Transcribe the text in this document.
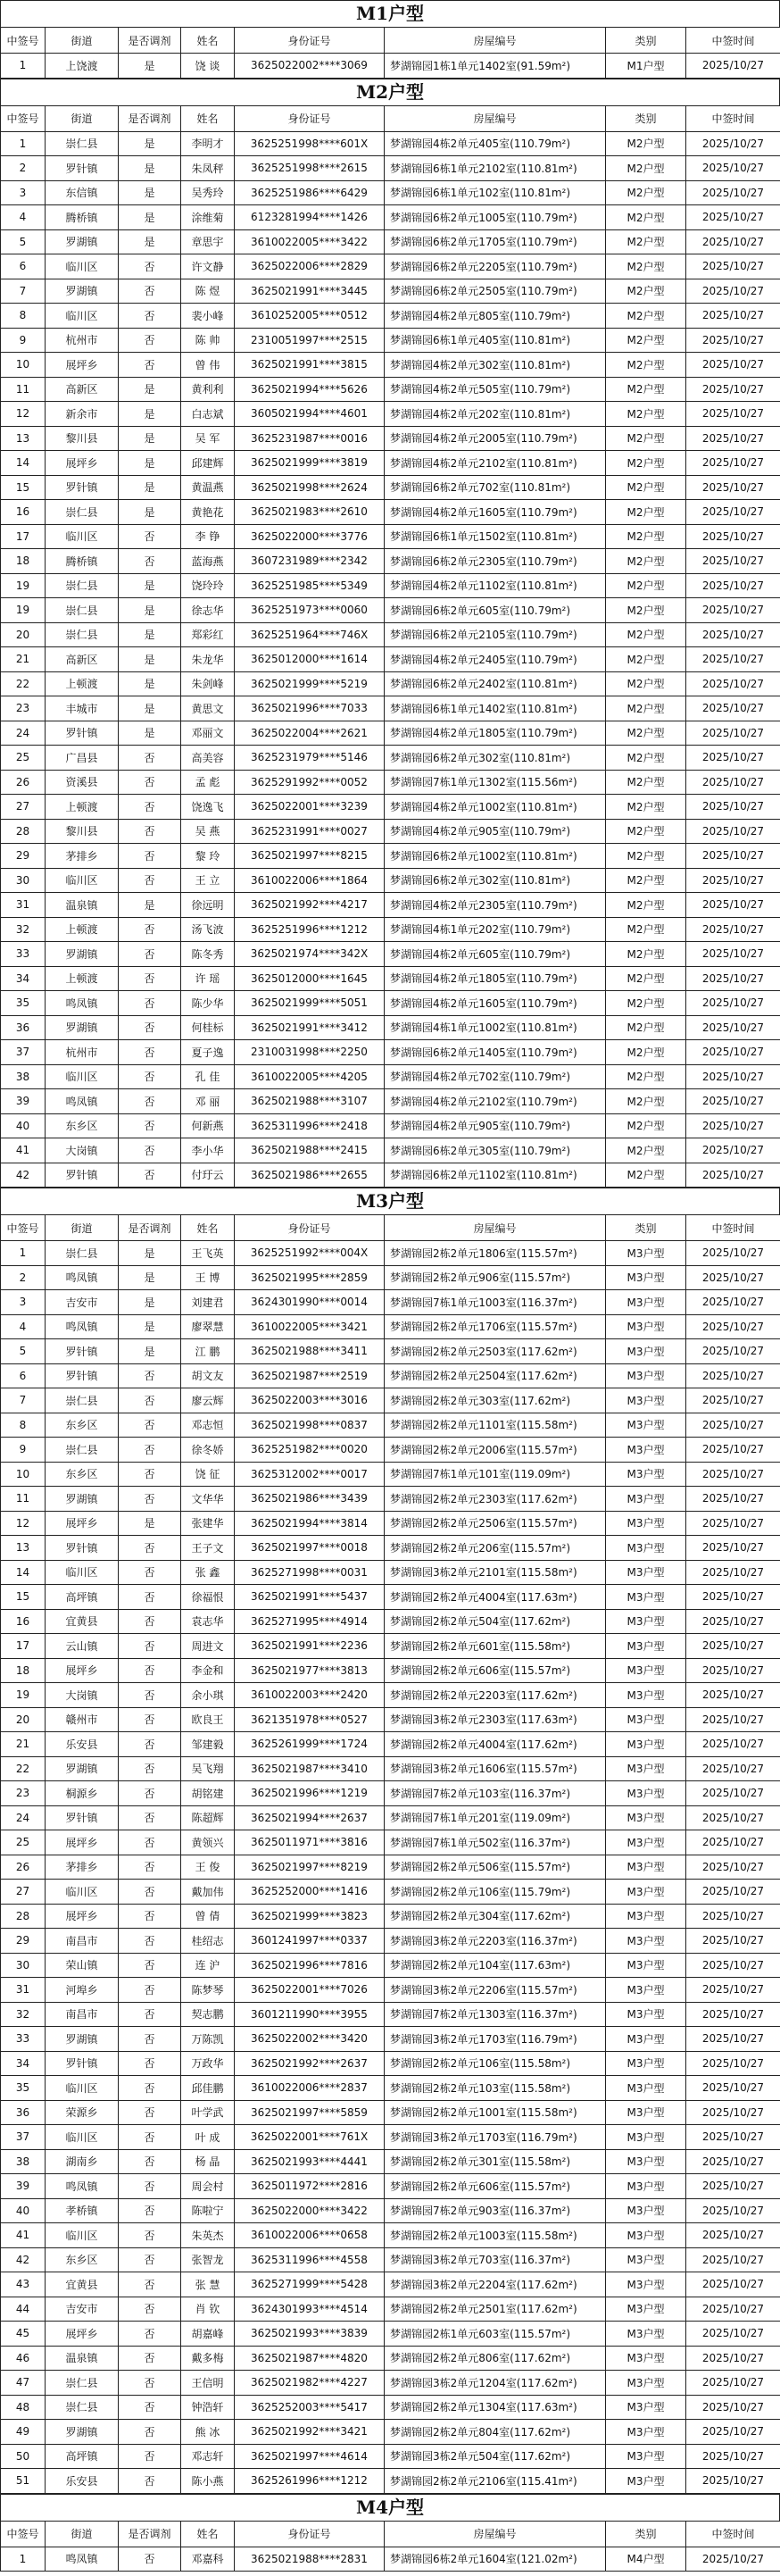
M1户型
中签号	街道	是否调剂	姓名	身份证号	房屋编号	类别	中签时间
1	上饶渡	是	饶 谈	3625022002****3069	梦湖锦园1栋1单元1402室(91.59m²)	M1户型	2025/10/27
M2户型
中签号	街道	是否调剂	姓名	身份证号	房屋编号	类别	中签时间
1	崇仁县	是	李明才	3625251998****601X	梦湖锦园4栋2单元405室(110.79m²)	M2户型	2025/10/27
2	罗针镇	是	朱凤秤	3625251998****2615	梦湖锦园6栋1单元2102室(110.81m²)	M2户型	2025/10/27
3	东信镇	是	吴秀玲	3625251986****6429	梦湖锦园6栋1单元102室(110.81m²)	M2户型	2025/10/27
4	腾桥镇	是	涂维菊	6123281994****1426	梦湖锦园6栋2单元1005室(110.79m²)	M2户型	2025/10/27
5	罗湖镇	是	章思宇	3610022005****3422	梦湖锦园6栋2单元1705室(110.79m²)	M2户型	2025/10/27
6	临川区	否	许文静	3625022006****2829	梦湖锦园6栋2单元2205室(110.79m²)	M2户型	2025/10/27
7	罗湖镇	否	陈 煜	3625021991****3445	梦湖锦园6栋2单元2505室(110.79m²)	M2户型	2025/10/27
8	临川区	否	裴小峰	3610252005****0512	梦湖锦园4栋2单元805室(110.79m²)	M2户型	2025/10/27
9	杭州市	否	陈 帅	2310051997****2515	梦湖锦园6栋1单元405室(110.81m²)	M2户型	2025/10/27
10	展坪乡	否	曾 伟	3625021991****3815	梦湖锦园4栋2单元302室(110.81m²)	M2户型	2025/10/27
11	高新区	是	黄利利	3625021994****5626	梦湖锦园4栋2单元505室(110.79m²)	M2户型	2025/10/27
12	新余市	是	白志斌	3605021994****4601	梦湖锦园4栋2单元202室(110.81m²)	M2户型	2025/10/27
13	黎川县	是	吴 军	3625231987****0016	梦湖锦园4栋2单元2005室(110.79m²)	M2户型	2025/10/27
14	展坪乡	是	邱建辉	3625021999****3819	梦湖锦园4栋2单元2102室(110.81m²)	M2户型	2025/10/27
15	罗针镇	是	黄温燕	3625021998****2624	梦湖锦园6栋2单元702室(110.81m²)	M2户型	2025/10/27
16	崇仁县	是	黄艳花	3625021983****2610	梦湖锦园4栋2单元1605室(110.79m²)	M2户型	2025/10/27
17	临川区	否	李 铮	3625022000****3776	梦湖锦园6栋1单元1502室(110.81m²)	M2户型	2025/10/27
18	腾桥镇	否	蓝海燕	3607231989****2342	梦湖锦园6栋2单元2305室(110.79m²)	M2户型	2025/10/27
19	崇仁县	是	饶玲玲	3625251985****5349	梦湖锦园4栋2单元1102室(110.81m²)	M2户型	2025/10/27
19	崇仁县	是	徐志华	3625251973****0060	梦湖锦园6栋2单元605室(110.79m²)	M2户型	2025/10/27
20	崇仁县	是	郑彩红	3625251964****746X	梦湖锦园6栋2单元2105室(110.79m²)	M2户型	2025/10/27
21	高新区	是	朱龙华	3625012000****1614	梦湖锦园4栋2单元2405室(110.79m²)	M2户型	2025/10/27
22	上顿渡	是	朱剑峰	3625021999****5219	梦湖锦园6栋2单元2402室(110.81m²)	M2户型	2025/10/27
23	丰城市	是	黄思文	3625021996****7033	梦湖锦园6栋1单元1402室(110.81m²)	M2户型	2025/10/27
24	罗针镇	是	邓丽文	3625022004****2621	梦湖锦园4栋2单元1805室(110.79m²)	M2户型	2025/10/27
25	广昌县	否	高美容	3625231979****5146	梦湖锦园6栋2单元302室(110.81m²)	M2户型	2025/10/27
26	资溪县	否	孟 彪	3625291992****0052	梦湖锦园7栋1单元1302室(115.56m²)	M2户型	2025/10/27
27	上顿渡	否	饶逸飞	3625022001****3239	梦湖锦园4栋2单元1002室(110.81m²)	M2户型	2025/10/27
28	黎川县	否	吴 燕	3625231991****0027	梦湖锦园4栋2单元905室(110.79m²)	M2户型	2025/10/27
29	茅排乡	否	黎 玲	3625021997****8215	梦湖锦园6栋2单元1002室(110.81m²)	M2户型	2025/10/27
30	临川区	否	王 立	3610022006****1864	梦湖锦园6栋2单元302室(110.81m²)	M2户型	2025/10/27
31	温泉镇	是	徐远明	3625021992****4217	梦湖锦园4栋2单元2305室(110.79m²)	M2户型	2025/10/27
32	上顿渡	否	汤飞波	3625251996****1212	梦湖锦园4栋1单元202室(110.79m²)	M2户型	2025/10/27
33	罗湖镇	否	陈冬秀	3625021974****342X	梦湖锦园4栋2单元605室(110.79m²)	M2户型	2025/10/27
34	上顿渡	否	许 瑶	3625012000****1645	梦湖锦园4栋2单元1805室(110.79m²)	M2户型	2025/10/27
35	鸣凤镇	否	陈少华	3625021999****5051	梦湖锦园4栋2单元1605室(110.79m²)	M2户型	2025/10/27
36	罗湖镇	否	何桂标	3625021991****3412	梦湖锦园4栋1单元1002室(110.81m²)	M2户型	2025/10/27
37	杭州市	否	夏子逸	2310031998****2250	梦湖锦园6栋2单元1405室(110.79m²)	M2户型	2025/10/27
38	临川区	否	孔 佳	3610022005****4205	梦湖锦园4栋2单元702室(110.79m²)	M2户型	2025/10/27
39	鸣凤镇	否	邓 丽	3625021988****3107	梦湖锦园4栋2单元2102室(110.79m²)	M2户型	2025/10/27
40	东乡区	否	何新燕	3625311996****2418	梦湖锦园4栋2单元905室(110.79m²)	M2户型	2025/10/27
41	大岗镇	否	李小华	3625021988****2415	梦湖锦园6栋2单元305室(110.79m²)	M2户型	2025/10/27
42	罗针镇	否	付玗云	3625021986****2655	梦湖锦园6栋2单元1102室(110.81m²)	M2户型	2025/10/27
M3户型
中签号	街道	是否调剂	姓名	身份证号	房屋编号	类别	中签时间
1	崇仁县	是	王飞英	3625251992****004X	梦湖锦园2栋2单元1806室(115.57m²)	M3户型	2025/10/27
2	鸣凤镇	是	王 博	3625021995****2859	梦湖锦园2栋2单元906室(115.57m²)	M3户型	2025/10/27
3	吉安市	是	刘建君	3624301990****0014	梦湖锦园7栋1单元1003室(116.37m²)	M3户型	2025/10/27
4	鸣凤镇	是	廖翠慧	3610022005****3421	梦湖锦园2栋2单元1706室(115.57m²)	M3户型	2025/10/27
5	罗针镇	是	江 鹏	3625021988****3411	梦湖锦园2栋2单元2503室(117.62m²)	M3户型	2025/10/27
6	罗针镇	否	胡文友	3625021987****2519	梦湖锦园2栋2单元2504室(117.62m²)	M3户型	2025/10/27
7	崇仁县	否	廖云辉	3625022003****3016	梦湖锦园2栋2单元303室(117.62m²)	M3户型	2025/10/27
8	东乡区	否	邓志恒	3625021998****0837	梦湖锦园2栋2单元1101室(115.58m²)	M3户型	2025/10/27
9	崇仁县	否	徐冬娇	3625251982****0020	梦湖锦园2栋2单元2006室(115.57m²)	M3户型	2025/10/27
10	东乡区	否	饶 征	3625312002****0017	梦湖锦园7栋1单元101室(119.09m²)	M3户型	2025/10/27
11	罗湖镇	否	文华华	3625021986****3439	梦湖锦园2栋2单元2303室(117.62m²)	M3户型	2025/10/27
12	展坪乡	是	张建华	3625021994****3814	梦湖锦园2栋2单元2506室(115.57m²)	M3户型	2025/10/27
13	罗针镇	否	王子文	3625021997****0018	梦湖锦园2栋2单元206室(115.57m²)	M3户型	2025/10/27
14	临川区	否	张 鑫	3625271998****0031	梦湖锦园3栋2单元2101室(115.58m²)	M3户型	2025/10/27
15	高坪镇	否	徐福恨	3625021991****5437	梦湖锦园2栋2单元4004室(117.63m²)	M3户型	2025/10/27
16	宜黄县	否	袁志华	3625271995****4914	梦湖锦园2栋2单元504室(117.62m²)	M3户型	2025/10/27
17	云山镇	否	周进文	3625021991****2236	梦湖锦园2栋2单元601室(115.58m²)	M3户型	2025/10/27
18	展坪乡	否	李金和	3625021977****3813	梦湖锦园2栋2单元606室(115.57m²)	M3户型	2025/10/27
19	大岗镇	否	余小琪	3610022003****2420	梦湖锦园2栋2单元2203室(117.62m²)	M3户型	2025/10/27
20	赣州市	否	欧良王	3621351978****0527	梦湖锦园3栋2单元2303室(117.63m²)	M3户型	2025/10/27
21	乐安县	否	邹建毅	3625261999****1724	梦湖锦园2栋2单元4004室(117.62m²)	M3户型	2025/10/27
22	罗湖镇	否	吴飞翔	3625021987****3410	梦湖锦园3栋2单元1606室(115.57m²)	M3户型	2025/10/27
23	桐源乡	否	胡铭建	3625021996****1219	梦湖锦园7栋2单元103室(116.37m²)	M3户型	2025/10/27
24	罗针镇	否	陈超辉	3625021994****2637	梦湖锦园7栋1单元201室(119.09m²)	M3户型	2025/10/27
25	展坪乡	否	黄领兴	3625011971****3816	梦湖锦园7栋1单元502室(116.37m²)	M3户型	2025/10/27
26	茅排乡	否	王 俊	3625021997****8219	梦湖锦园2栋2单元506室(115.57m²)	M3户型	2025/10/27
27	临川区	否	戴加伟	3625252000****1416	梦湖锦园2栋2单元106室(115.79m²)	M3户型	2025/10/27
28	展坪乡	否	曾 倩	3625021999****3823	梦湖锦园2栋2单元304室(117.62m²)	M3户型	2025/10/27
29	南昌市	否	桂绍志	3601241997****0337	梦湖锦园3栋2单元2203室(116.37m²)	M3户型	2025/10/27
30	荣山镇	否	连 沪	3625021996****7816	梦湖锦园2栋2单元104室(117.63m²)	M3户型	2025/10/27
31	河埠乡	否	陈梦琴	3625022001****7026	梦湖锦园3栋2单元2206室(115.57m²)	M3户型	2025/10/27
32	南昌市	否	契志鹏	3601211990****3955	梦湖锦园7栋2单元1303室(116.37m²)	M3户型	2025/10/27
33	罗湖镇	否	万陈凯	3625022002****3420	梦湖锦园3栋2单元1703室(116.79m²)	M3户型	2025/10/27
34	罗针镇	否	万政华	3625021992****2637	梦湖锦园2栋2单元106室(115.58m²)	M3户型	2025/10/27
35	临川区	否	邱佳鹏	3610022006****2837	梦湖锦园2栋2单元103室(115.58m²)	M3户型	2025/10/27
36	荣源乡	否	叶学武	3625021997****5859	梦湖锦园2栋2单元1001室(115.58m²)	M3户型	2025/10/27
37	临川区	否	叶 成	3625022001****761X	梦湖锦园3栋2单元1703室(116.79m²)	M3户型	2025/10/27
38	湖南乡	否	杨 晶	3625021993****4441	梦湖锦园2栋2单元301室(115.58m²)	M3户型	2025/10/27
39	鸣凤镇	否	周会村	3625011972****2816	梦湖锦园2栋2单元606室(115.57m²)	M3户型	2025/10/27
40	孝桥镇	否	陈啦宁	3625022000****3422	梦湖锦园7栋2单元903室(116.37m²)	M3户型	2025/10/27
41	临川区	否	朱英杰	3610022006****0658	梦湖锦园2栋2单元1003室(115.58m²)	M3户型	2025/10/27
42	东乡区	否	张智龙	3625311996****4558	梦湖锦园3栋2单元703室(116.37m²)	M3户型	2025/10/27
43	宜黄县	否	张 慧	3625271999****5428	梦湖锦园3栋2单元2204室(117.62m²)	M3户型	2025/10/27
44	吉安市	否	肖 钦	3624301993****4514	梦湖锦园2栋2单元2501室(117.62m²)	M3户型	2025/10/27
45	展坪乡	否	胡嘉峰	3625021993****3839	梦湖锦园2栋1单元603室(115.57m²)	M3户型	2025/10/27
46	温泉镇	否	戴多梅	3625021987****4820	梦湖锦园2栋2单元806室(117.62m²)	M3户型	2025/10/27
47	崇仁县	否	王信明	3625021982****4227	梦湖锦园3栋2单元1204室(117.62m²)	M3户型	2025/10/27
48	崇仁县	否	钟浩轩	3625252003****5417	梦湖锦园2栋2单元1304室(117.63m²)	M3户型	2025/10/27
49	罗湖镇	否	熊 冰	3625021992****3421	梦湖锦园2栋2单元804室(117.62m²)	M3户型	2025/10/27
50	高坪镇	否	邓志轩	3625021997****4614	梦湖锦园3栋2单元504室(117.62m²)	M3户型	2025/10/27
51	乐安县	否	陈小燕	3625261996****1212	梦湖锦园2栋2单元2106室(115.41m²)	M3户型	2025/10/27
M4户型
中签号	街道	是否调剂	姓名	身份证号	房屋编号	类别	中签时间
1	鸣凤镇	否	邓嘉科	3625021988****2831	梦湖锦园6栋2单元1604室(121.02m²)	M4户型	2025/10/27
